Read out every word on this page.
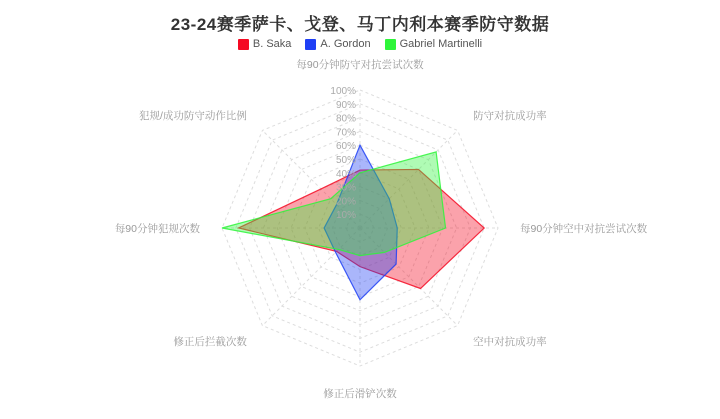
23-24赛季萨卡、戈登、马丁内利本赛季防守数据
B. Saka	A. Gordon	Gabriel Martinelli
10%
20%
30%
40%
50%
60%
70%
80%
90%
100%
每90分钟防守对抗尝试次数
防守对抗成功率
每90分钟空中对抗尝试次数
空中对抗成功率
修正后滑铲次数
修正后拦截次数
每90分钟犯规次数
犯规/成功防守动作比例
